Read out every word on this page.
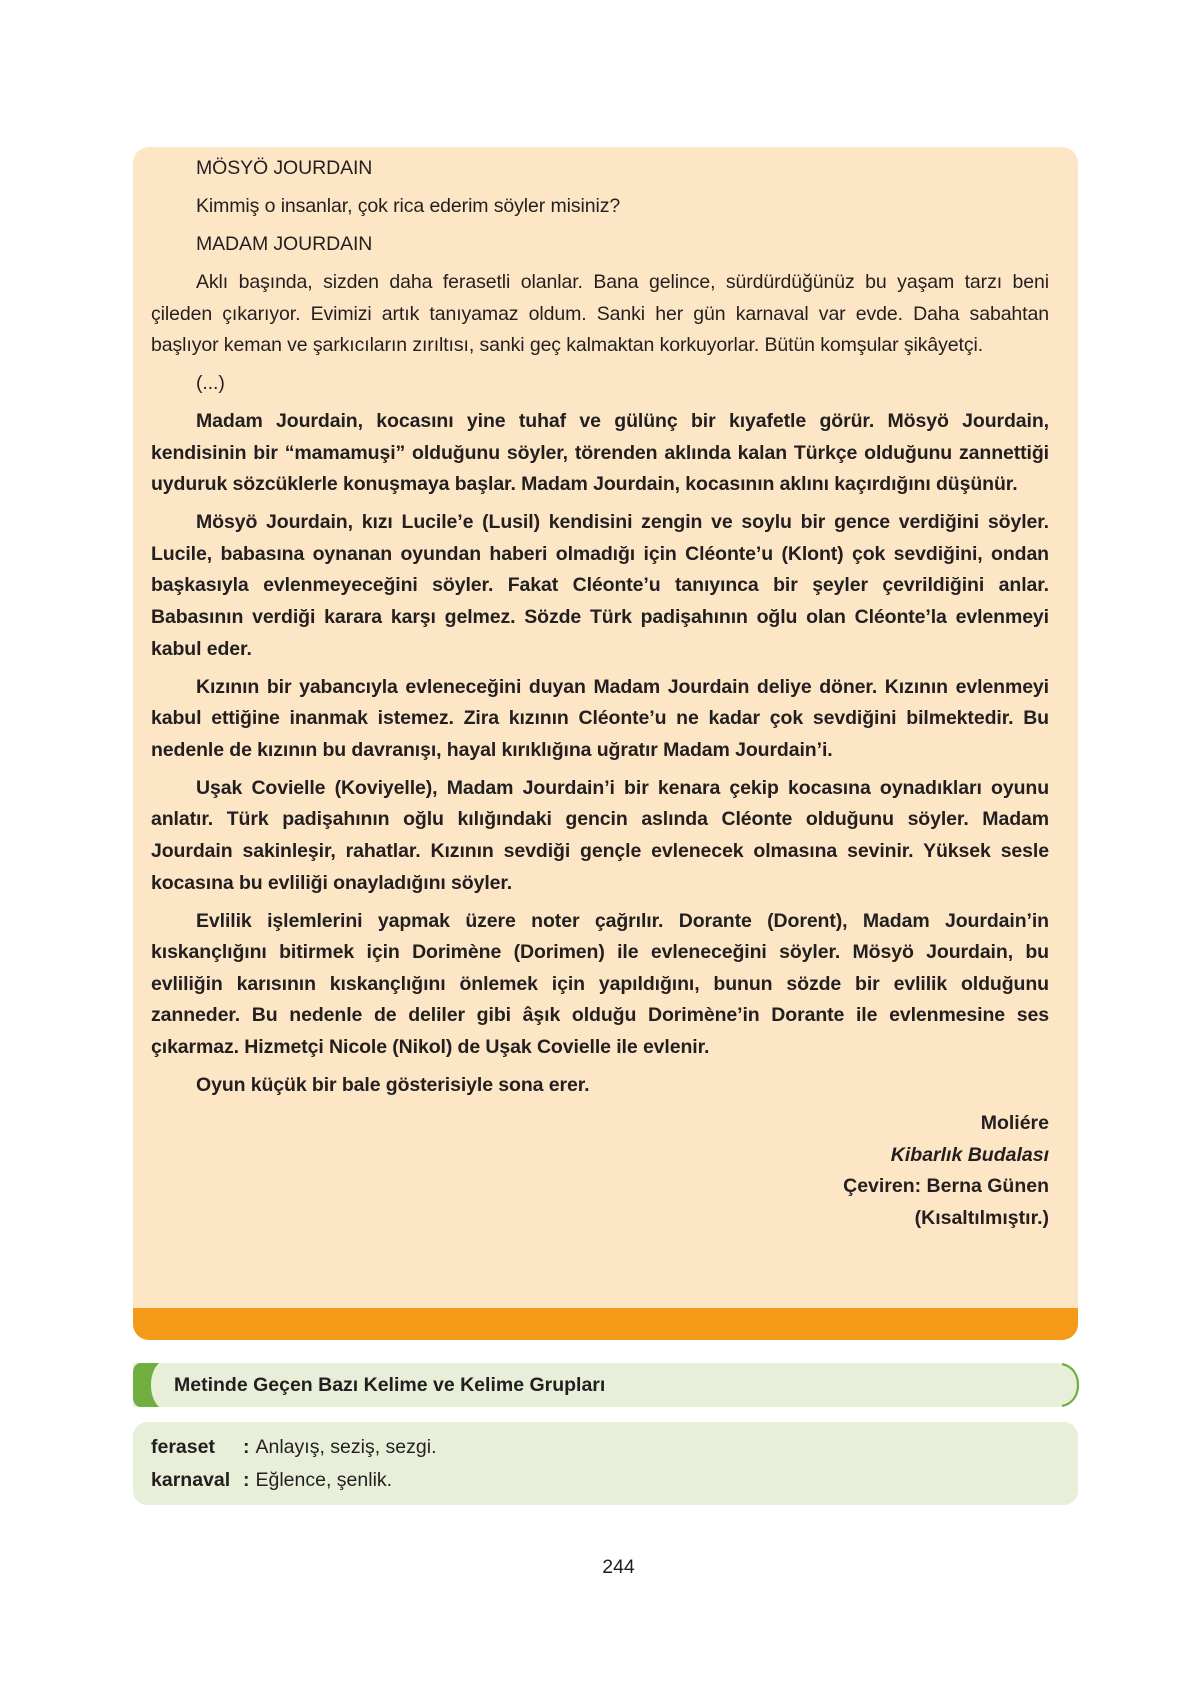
MÖSYÖ JOURDAIN

Kimmiş o insanlar, çok rica ederim söyler misiniz?

MADAM JOURDAIN

Aklı başında, sizden daha ferasetli olanlar. Bana gelince, sürdürdüğünüz bu yaşam tarzı beni çileden çıkarıyor. Evimizi artık tanıyamaz oldum. Sanki her gün karnaval var evde. Daha sabahtan başlıyor keman ve şarkıcıların zırıltısı, sanki geç kalmaktan korkuyorlar. Bütün komşular şikâyetçi.

(...)

Madam Jourdain, kocasını yine tuhaf ve gülünç bir kıyafetle görür. Mösyö Jourdain, kendisinin bir “mamamuşi” olduğunu söyler, törenden aklında kalan Türkçe olduğunu zannettiği uyduruk sözcüklerle konuşmaya başlar. Madam Jourdain, kocasının aklını kaçırdığını düşünür.

Mösyö Jourdain, kızı Lucile’e (Lusil) kendisini zengin ve soylu bir gence verdiğini söyler. Lucile, babasına oynanan oyundan haberi olmadığı için Cléonte’u (Klont) çok sevdiğini, ondan başkasıyla evlenmeyeceğini söyler. Fakat Cléonte’u tanıyınca bir şeyler çevrildiğini anlar. Babasının verdiği karara karşı gelmez. Sözde Türk padişahının oğlu olan Cléonte’la evlenmeyi kabul eder.

Kızının bir yabancıyla evleneceğini duyan Madam Jourdain deliye döner. Kızının evlenmeyi kabul ettiğine inanmak istemez. Zira kızının Cléonte’u ne kadar çok sevdiğini bilmektedir. Bu nedenle de kızının bu davranışı, hayal kırıklığına uğratır Madam Jourdain’i.

Uşak Covielle (Koviyelle), Madam Jourdain’i bir kenara çekip kocasına oynadıkları oyunu anlatır. Türk padişahının oğlu kılığındaki gencin aslında Cléonte olduğunu söyler. Madam Jourdain sakinleşir, rahatlar. Kızının sevdiği gençle evlenecek olmasına sevinir. Yüksek sesle kocasına bu evliliği onayladığını söyler.

Evlilik işlemlerini yapmak üzere noter çağrılır. Dorante (Dorent), Madam Jourdain’in kıskançlığını bitirmek için Dorimène (Dorimen) ile evleneceğini söyler. Mösyö Jourdain, bu evliliğin karısının kıskançlığını önlemek için yapıldığını, bunun sözde bir evlilik olduğunu zanneder. Bu nedenle de deliler gibi âşık olduğu Dorimène’in Dorante ile evlenmesine ses çıkarmaz. Hizmetçi Nicole (Nikol) de Uşak Covielle ile evlenir.

Oyun küçük bir bale gösterisiyle sona erer.

Moliére
Kibarlık Budalası
Çeviren: Berna Günen
(Kısaltılmıştır.)
Metinde Geçen Bazı Kelime ve Kelime Grupları
feraset : Anlayış, seziş, sezgi.
karnaval : Eğlence, şenlik.
244
